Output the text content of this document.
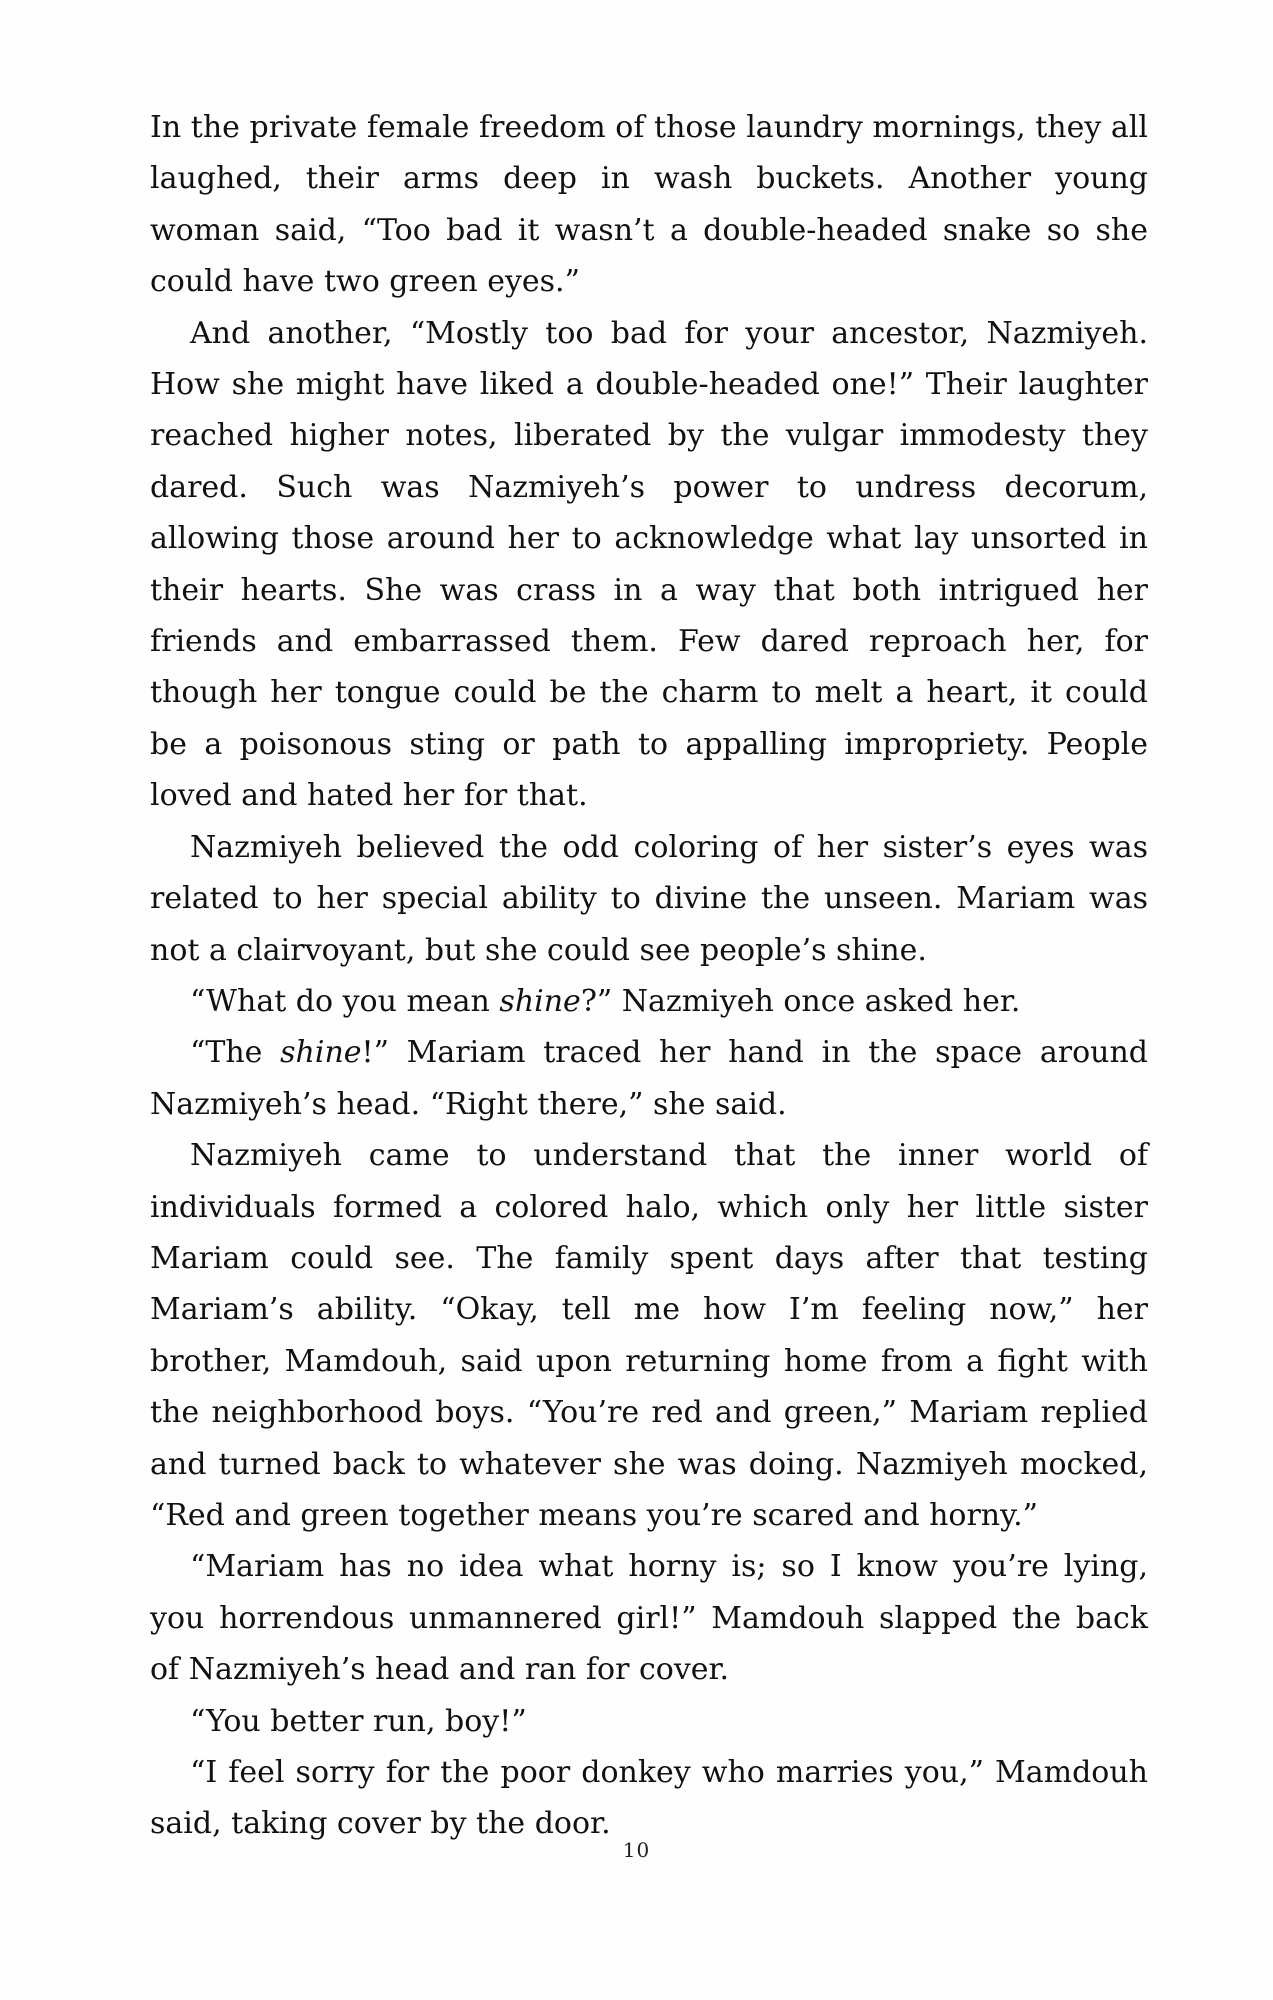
In the private female freedom of those laundry mornings, they all laughed, their arms deep in wash buckets. Another young woman said, “Too bad it wasn’t a double-headed snake so she could have two green eyes.”

And another, “Mostly too bad for your ancestor, Nazmiyeh. How she might have liked a double-headed one!” Their laughter reached higher notes, liberated by the vulgar immodesty they dared. Such was Nazmiyeh’s power to undress decorum, allowing those around her to acknowledge what lay unsorted in their hearts. She was crass in a way that both intrigued her friends and embarrassed them. Few dared reproach her, for though her tongue could be the charm to melt a heart, it could be a poisonous sting or path to appalling impropriety. People loved and hated her for that.

Nazmiyeh believed the odd coloring of her sister’s eyes was related to her special ability to divine the unseen. Mariam was not a clairvoyant, but she could see people’s shine.

“What do you mean shine?” Nazmiyeh once asked her.

“The shine!” Mariam traced her hand in the space around Nazmiyeh’s head. “Right there,” she said.

Nazmiyeh came to understand that the inner world of individuals formed a colored halo, which only her little sister Mariam could see. The family spent days after that testing Mariam’s ability. “Okay, tell me how I’m feeling now,” her brother, Mamdouh, said upon returning home from a fight with the neighborhood boys. “You’re red and green,” Mariam replied and turned back to whatever she was doing. Nazmiyeh mocked, “Red and green together means you’re scared and horny.”

“Mariam has no idea what horny is; so I know you’re lying, you horrendous unmannered girl!” Mamdouh slapped the back of Nazmiyeh’s head and ran for cover.

“You better run, boy!”

“I feel sorry for the poor donkey who marries you,” Mamdouh said, taking cover by the door.

10
